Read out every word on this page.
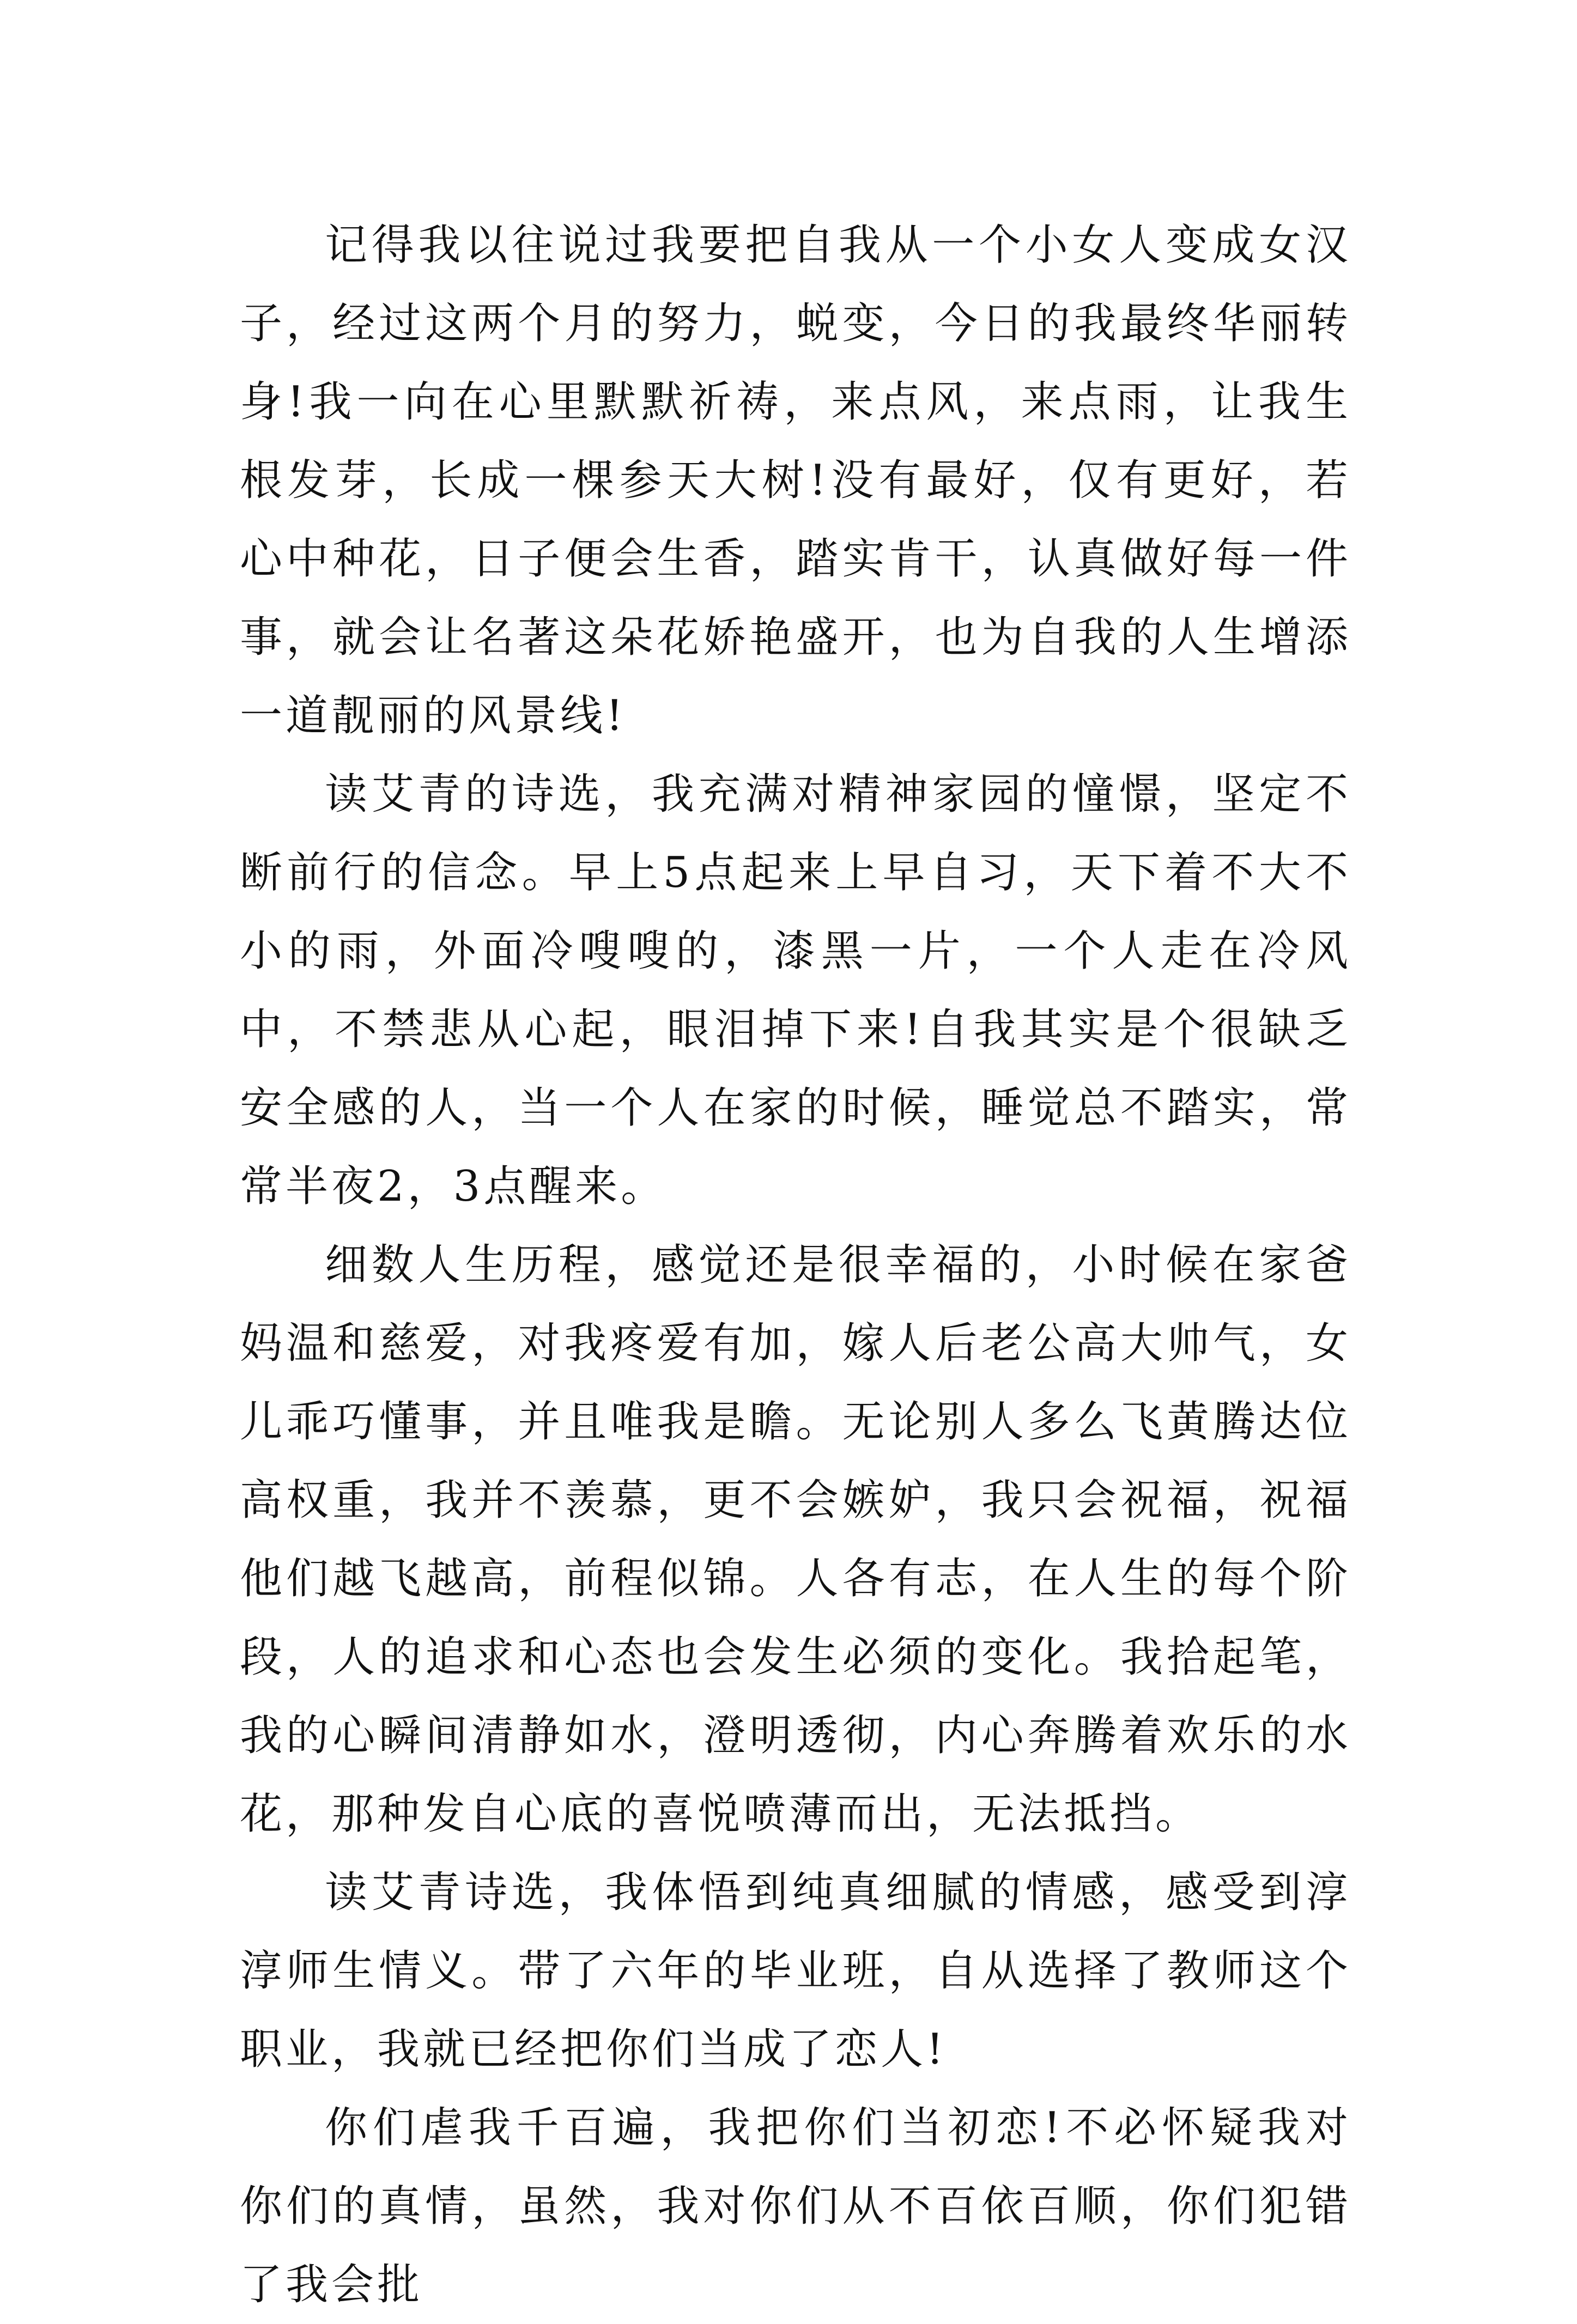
记得我以往说过我要把自我从一个小女人变成女汉子，经过这两个月的努力，蜕变，今日的我最终华丽转身!我一向在心里默默祈祷，来点风，来点雨，让我生根发芽，长成一棵参天大树!没有最好，仅有更好，若心中种花，日子便会生香，踏实肯干，认真做好每一件事，就会让名著这朵花娇艳盛开，也为自我的人生增添一道靓丽的风景线!

读艾青的诗选，我充满对精神家园的憧憬，坚定不断前行的信念。早上5点起来上早自习，天下着不大不小的雨，外面冷嗖嗖的，漆黑一片，一个人走在冷风中，不禁悲从心起，眼泪掉下来!自我其实是个很缺乏安全感的人，当一个人在家的时候，睡觉总不踏实，常常半夜2，3点醒来。

细数人生历程，感觉还是很幸福的，小时候在家爸妈温和慈爱，对我疼爱有加，嫁人后老公高大帅气，女儿乖巧懂事，并且唯我是瞻。无论别人多么飞黄腾达位高权重，我并不羡慕，更不会嫉妒，我只会祝福，祝福他们越飞越高，前程似锦。人各有志，在人生的每个阶段，人的追求和心态也会发生必须的变化。我拾起笔，我的心瞬间清静如水，澄明透彻，内心奔腾着欢乐的水花，那种发自心底的喜悦喷薄而出，无法抵挡。

读艾青诗选，我体悟到纯真细腻的情感，感受到淳淳师生情义。带了六年的毕业班，自从选择了教师这个职业，我就已经把你们当成了恋人!

你们虐我千百遍，我把你们当初恋!不必怀疑我对你们的真情，虽然，我对你们从不百依百顺，你们犯错了我会批
